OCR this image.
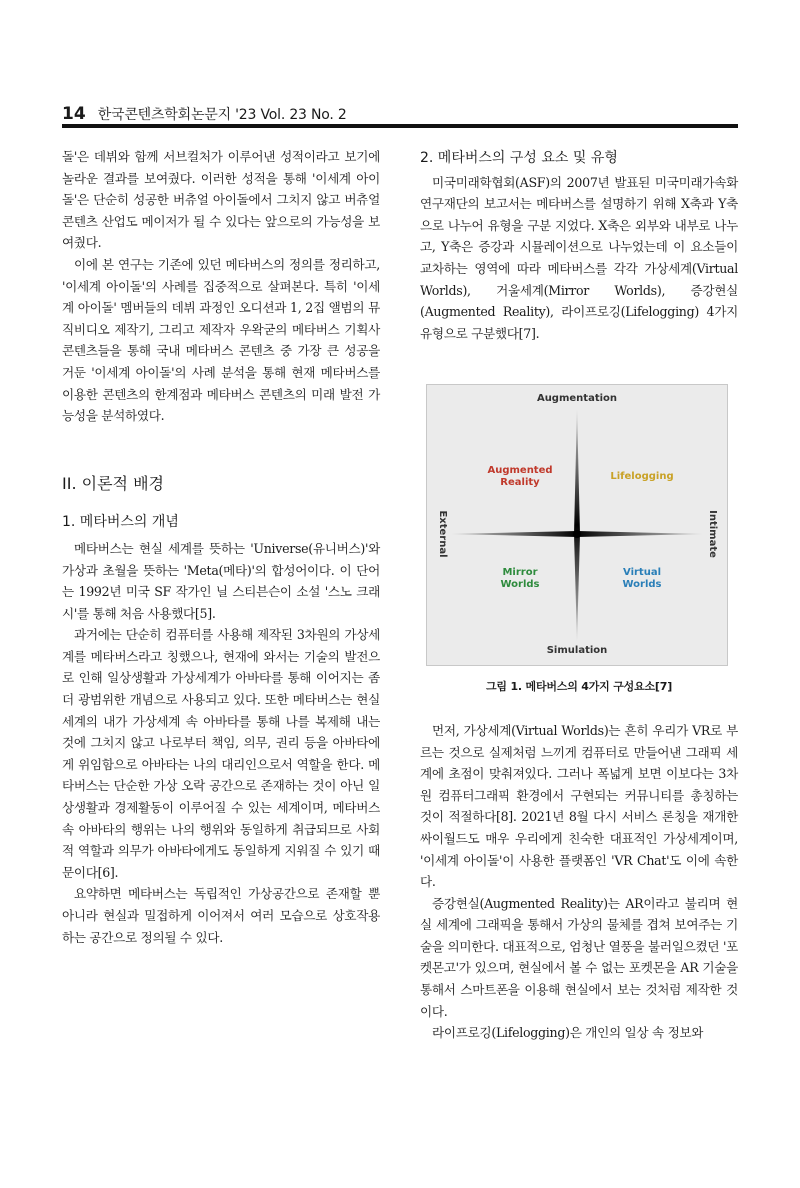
14 한국콘텐츠학회논문지 '23 Vol. 23 No. 2

돌'은 데뷔와 함께 서브컬처가 이루어낸 성적이라고 보기에 놀라운 결과를 보여줬다. 이러한 성적을 통해 '이세계 아이돌'은 단순히 성공한 버츄얼 아이돌에서 그치지 않고 버츄얼 콘텐츠 산업도 메이저가 될 수 있다는 앞으로의 가능성을 보여줬다.

이에 본 연구는 기존에 있던 메타버스의 정의를 정리하고, '이세계 아이돌'의 사례를 집중적으로 살펴본다. 특히 '이세계 아이돌' 멤버들의 데뷔 과정인 오디션과 1, 2집 앨범의 뮤직비디오 제작기, 그리고 제작자 우왁굳의 메타버스 기획사 콘텐츠들을 통해 국내 메타버스 콘텐츠 중 가장 큰 성공을 거둔 '이세계 아이돌'의 사례 분석을 통해 현재 메타버스를 이용한 콘텐츠의 한계점과 메타버스 콘텐츠의 미래 발전 가능성을 분석하였다.

II. 이론적 배경
1. 메타버스의 개념

메타버스는 현실 세계를 뜻하는 'Universe(유니버스)'와 가상과 초월을 뜻하는 'Meta(메타)'의 합성어이다. 이 단어는 1992년 미국 SF 작가인 닐 스티븐슨이 소설 '스노 크래시'를 통해 처음 사용했다[5].

과거에는 단순히 컴퓨터를 사용해 제작된 3차원의 가상세계를 메타버스라고 칭했으나, 현재에 와서는 기술의 발전으로 인해 일상생활과 가상세계가 아바타를 통해 이어지는 좀 더 광범위한 개념으로 사용되고 있다. 또한 메타버스는 현실 세계의 내가 가상세계 속 아바타를 통해 나를 복제해 내는 것에 그치지 않고 나로부터 책임, 의무, 권리 등을 아바타에게 위임함으로 아바타는 나의 대리인으로서 역할을 한다. 메타버스는 단순한 가상 오락 공간으로 존재하는 것이 아닌 일상생활과 경제활동이 이루어질 수 있는 세계이며, 메타버스 속 아바타의 행위는 나의 행위와 동일하게 취급되므로 사회적 역할과 의무가 아바타에게도 동일하게 지워질 수 있기 때문이다[6].

요약하면 메타버스는 독립적인 가상공간으로 존재할 뿐 아니라 현실과 밀접하게 이어져서 여러 모습으로 상호작용하는 공간으로 정의될 수 있다.

2. 메타버스의 구성 요소 및 유형

미국미래학협회(ASF)의 2007년 발표된 미국미래가속화연구재단의 보고서는 메타버스를 설명하기 위해 X축과 Y축으로 나누어 유형을 구분 지었다. X축은 외부와 내부로 나누고, Y축은 증강과 시뮬레이션으로 나누었는데 이 요소들이 교차하는 영역에 따라 메타버스를 각각 가상세계(Virtual Worlds), 거울세계(Mirror Worlds), 증강현실(Augmented Reality), 라이프로깅(Lifelogging) 4가지 유형으로 구분했다[7].

Augmentation
Simulation
External	Intimate
Augmented
Reality
Lifelogging
Mirror
Worlds
Virtual
Worlds
그림 1. 메타버스의 4가지 구성요소[7]

먼저, 가상세계(Virtual Worlds)는 흔히 우리가 VR로 부르는 것으로 실제처럼 느끼게 컴퓨터로 만들어낸 그래픽 세계에 초점이 맞춰져있다. 그러나 폭넓게 보면 이보다는 3차원 컴퓨터그래픽 환경에서 구현되는 커뮤니티를 총칭하는 것이 적절하다[8]. 2021년 8월 다시 서비스 론칭을 재개한 싸이월드도 매우 우리에게 친숙한 대표적인 가상세계이며, '이세계 아이돌'이 사용한 플랫폼인 'VR Chat'도 이에 속한다.

증강현실(Augmented Reality)는 AR이라고 불리며 현실 세계에 그래픽을 통해서 가상의 물체를 겹쳐 보여주는 기술을 의미한다. 대표적으로, 엄청난 열풍을 불러일으켰던 '포켓몬고'가 있으며, 현실에서 볼 수 없는 포켓몬을 AR 기술을 통해서 스마트폰을 이용해 현실에서 보는 것처럼 제작한 것이다.

라이프로깅(Lifelogging)은 개인의 일상 속 정보와
